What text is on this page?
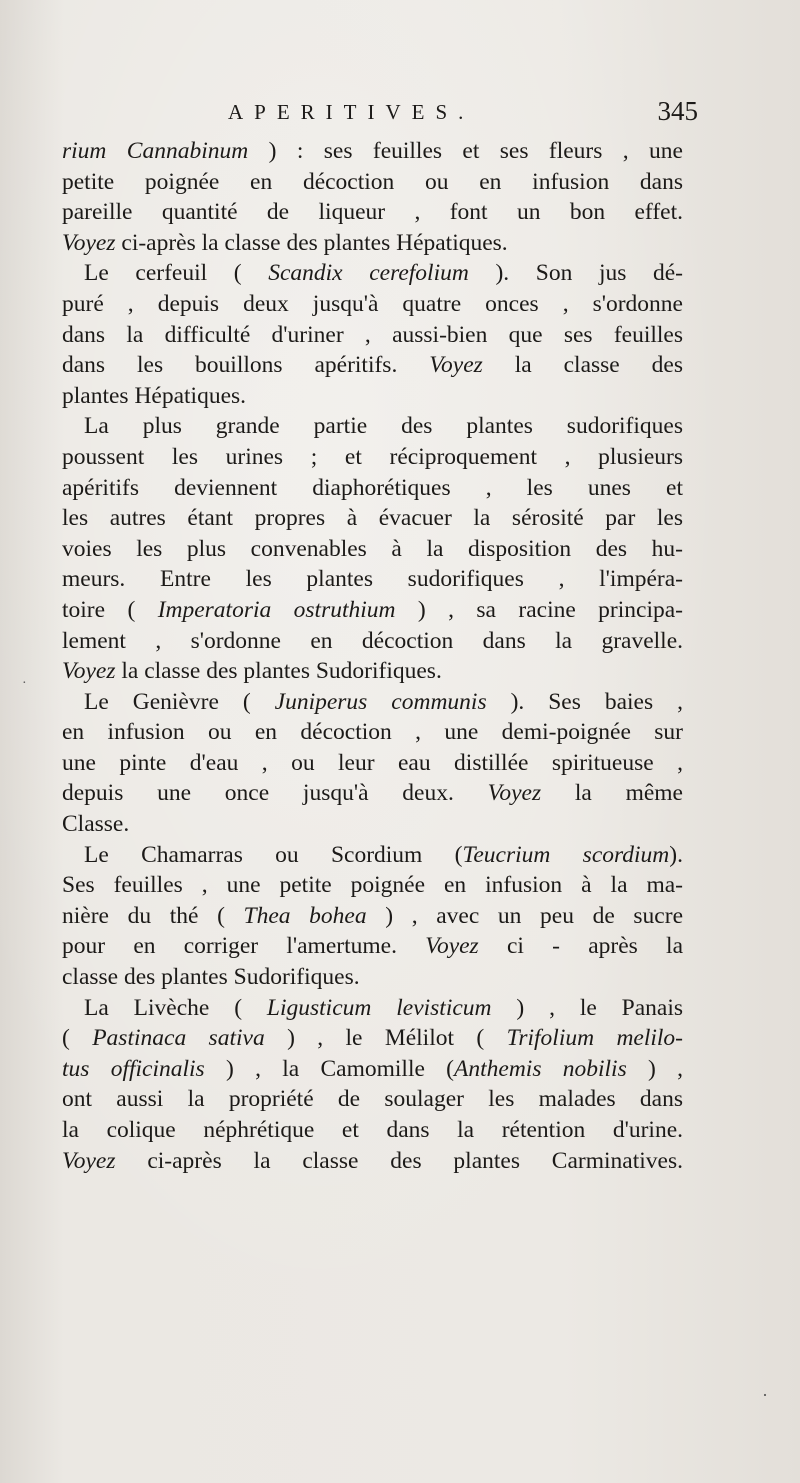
APERITIVES.	345
rium Cannabinum ) : ses feuilles et ses fleurs , une
petite poignée en décoction ou en infusion dans
pareille quantité de liqueur , font un bon effet.
Voyez ci-après la classe des plantes Hépatiques.
Le cerfeuil ( Scandix cerefolium ). Son jus dé-
puré , depuis deux jusqu'à quatre onces , s'ordonne
dans la difficulté d'uriner , aussi-bien que ses feuilles
dans les bouillons apéritifs. Voyez la classe des
plantes Hépatiques.
La plus grande partie des plantes sudorifiques
poussent les urines ; et réciproquement , plusieurs
apéritifs deviennent diaphorétiques , les unes et
les autres étant propres à évacuer la sérosité par les
voies les plus convenables à la disposition des hu-
meurs. Entre les plantes sudorifiques , l'impéra-
toire ( Imperatoria ostruthium ) , sa racine principa-
lement , s'ordonne en décoction dans la gravelle.
Voyez la classe des plantes Sudorifiques.
Le Genièvre ( Juniperus communis ). Ses baies ,
en infusion ou en décoction , une demi-poignée sur
une pinte d'eau , ou leur eau distillée spiritueuse ,
depuis une once jusqu'à deux. Voyez la même
Classe.
Le Chamarras ou Scordium (Teucrium scordium).
Ses feuilles , une petite poignée en infusion à la ma-
nière du thé ( Thea bohea ) , avec un peu de sucre
pour en corriger l'amertume. Voyez ci - après la
classe des plantes Sudorifiques.
La Livèche ( Ligusticum levisticum ) , le Panais
( Pastinaca sativa ) , le Mélilot ( Trifolium melilo-
tus officinalis ) , la Camomille (Anthemis nobilis ) ,
ont aussi la propriété de soulager les malades dans
la colique néphrétique et dans la rétention d'urine.
Voyez ci-après la classe des plantes Carminatives.
·
·
